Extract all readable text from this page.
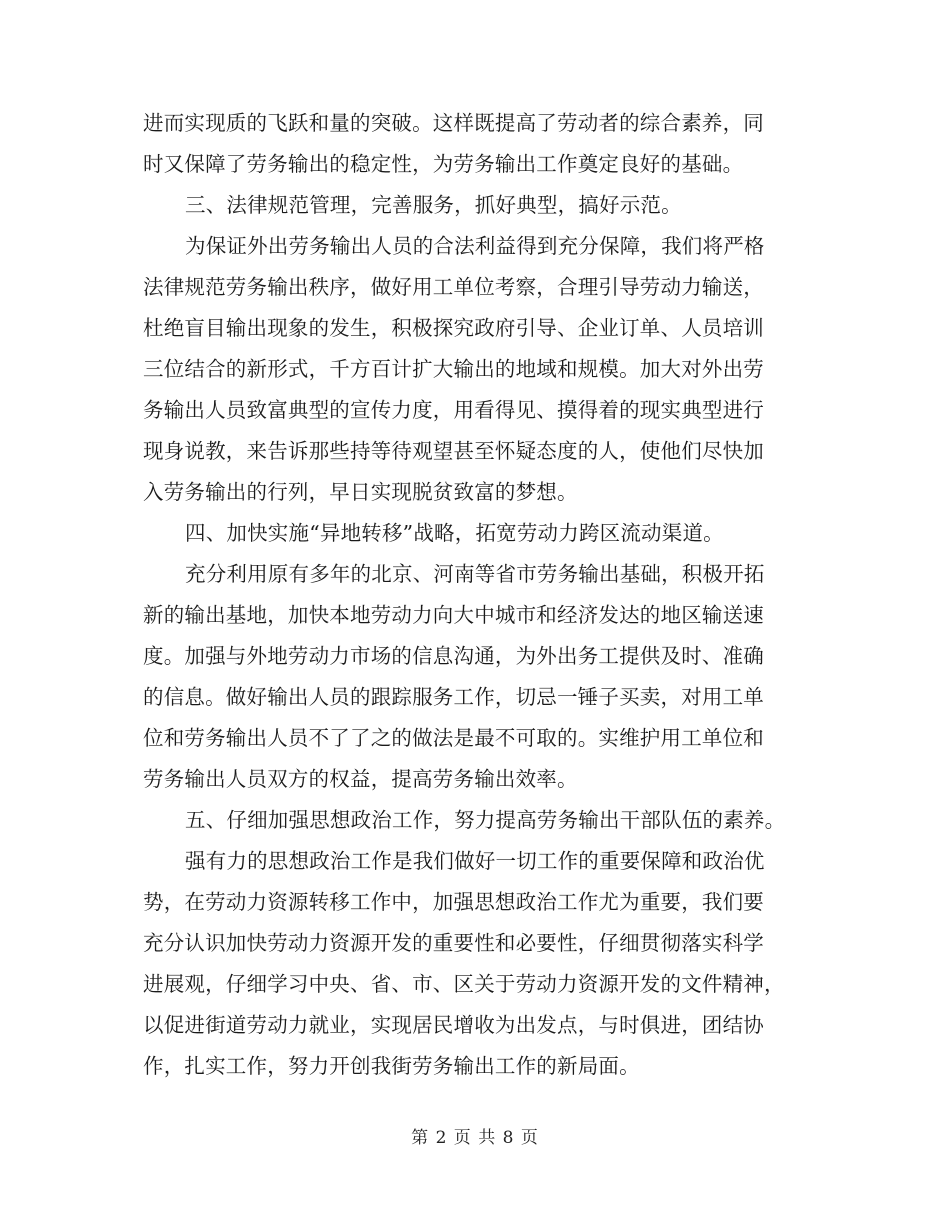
进而实现质的飞跃和量的突破。这样既提高了劳动者的综合素养，同
时又保障了劳务输出的稳定性，为劳务输出工作奠定良好的基础。
三、法律规范管理，完善服务，抓好典型，搞好示范。
为保证外出劳务输出人员的合法利益得到充分保障，我们将严格
法律规范劳务输出秩序，做好用工单位考察，合理引导劳动力输送，
杜绝盲目输出现象的发生，积极探究政府引导、企业订单、人员培训
三位结合的新形式，千方百计扩大输出的地域和规模。加大对外出劳
务输出人员致富典型的宣传力度，用看得见、摸得着的现实典型进行
现身说教，来告诉那些持等待观望甚至怀疑态度的人，使他们尽快加
入劳务输出的行列，早日实现脱贫致富的梦想。
四、加快实施“异地转移”战略，拓宽劳动力跨区流动渠道。
充分利用原有多年的北京、河南等省市劳务输出基础，积极开拓
新的输出基地，加快本地劳动力向大中城市和经济发达的地区输送速
度。加强与外地劳动力市场的信息沟通，为外出务工提供及时、准确
的信息。做好输出人员的跟踪服务工作，切忌一锤子买卖，对用工单
位和劳务输出人员不了了之的做法是最不可取的。实维护用工单位和
劳务输出人员双方的权益，提高劳务输出效率。
五、仔细加强思想政治工作，努力提高劳务输出干部队伍的素养。
强有力的思想政治工作是我们做好一切工作的重要保障和政治优
势，在劳动力资源转移工作中，加强思想政治工作尤为重要，我们要
充分认识加快劳动力资源开发的重要性和必要性，仔细贯彻落实科学
进展观，仔细学习中央、省、市、区关于劳动力资源开发的文件精神，
以促进街道劳动力就业，实现居民增收为出发点，与时俱进，团结协
作，扎实工作，努力开创我街劳务输出工作的新局面。
第 2 页 共 8 页
